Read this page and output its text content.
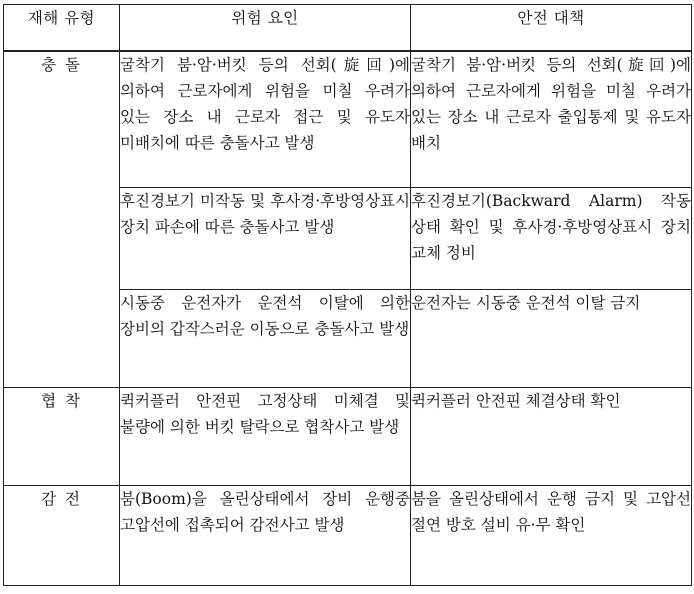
재해 유형	위험 요인	안전 대책
충 돌	굴착기 붐·암·버킷 등의 선회(旋回)에 의하여 근로자에게 위험을 미칠 우려가 있는 장소 내 근로자 접근 및 유도자 미배치에 따른 충돌사고 발생	굴착기 붐·암·버킷 등의 선회(旋回)에 의하여 근로자에게 위험을 미칠 우려가 있는 장소 내 근로자 출입통제 및 유도자 배치
	후진경보기 미작동 및 후사경·후방영상표시 장치 파손에 따른 충돌사고 발생	후진경보기(Backward Alarm) 작동 상태 확인 및 후사경·후방영상표시 장치 교체 정비
	시동중 운전자가 운전석 이탈에 의한 장비의 갑작스러운 이동으로 충돌사고 발생	운전자는 시동중 운전석 이탈 금지
협 착	퀵커플러 안전핀 고정상태 미체결 및 불량에 의한 버킷 탈락으로 협착사고 발생	퀵커플러 안전핀 체결상태 확인
감 전	붐(Boom)을 올린상태에서 장비 운행중 고압선에 접촉되어 감전사고 발생	붐을 올린상태에서 운행 금지 및 고압선 절연 방호 설비 유·무 확인
